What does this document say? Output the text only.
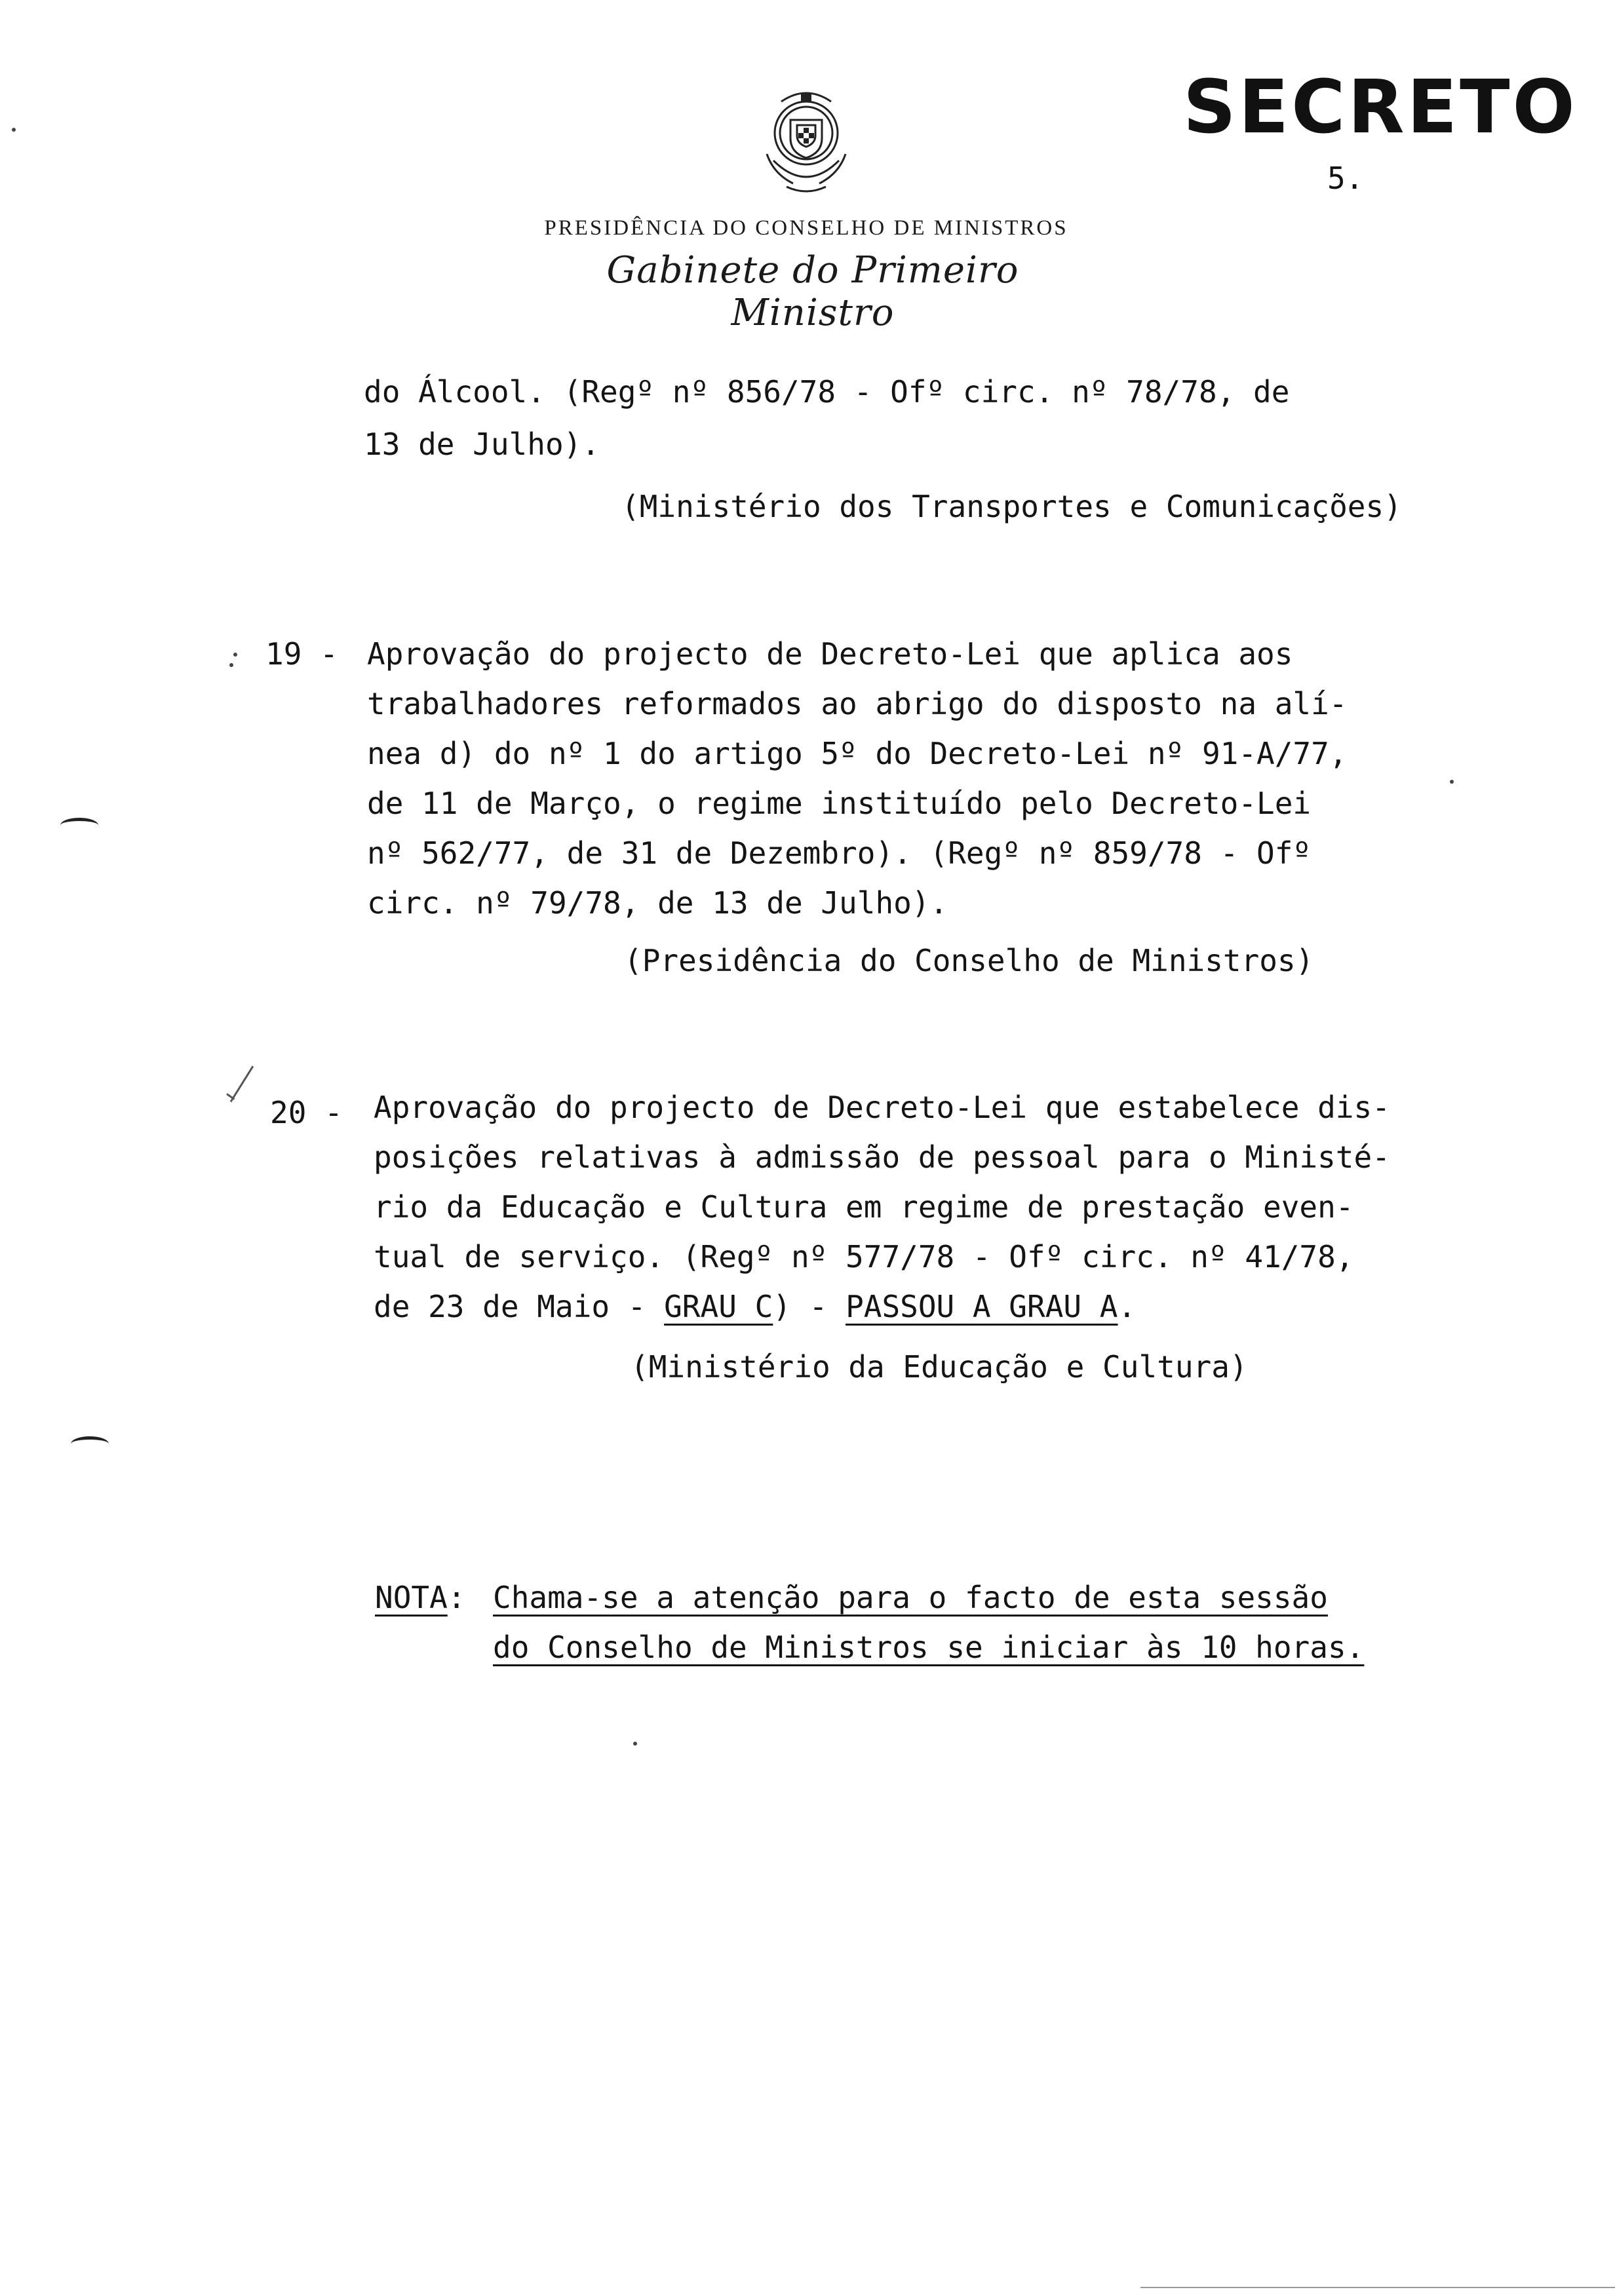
SECRETO
5.
PRESIDÊNCIA DO CONSELHO DE MINISTROS
Gabinete do Primeiro Ministro
do Álcool. (Regº nº 856/78 - Ofº circ. nº 78/78, de
13 de Julho).
(Ministério dos Transportes e Comunicações)
19 - Aprovação do projecto de Decreto-Lei que aplica aos
trabalhadores reformados ao abrigo do disposto na alí-
nea d) do nº 1 do artigo 5º do Decreto-Lei nº 91-A/77,
de 11 de Março, o regime instituído pelo Decreto-Lei
nº 562/77, de 31 de Dezembro). (Regº nº 859/78 - Ofº
circ. nº 79/78, de 13 de Julho).
(Presidência do Conselho de Ministros)
20 - Aprovação do projecto de Decreto-Lei que estabelece dis-
posições relativas à admissão de pessoal para o Ministé-
rio da Educação e Cultura em regime de prestação even-
tual de serviço. (Regº nº 577/78 - Ofº circ. nº 41/78,
de 23 de Maio - GRAU C) - PASSOU A GRAU A.
(Ministério da Educação e Cultura)
NOTA: Chama-se a atenção para o facto de esta sessão
do Conselho de Ministros se iniciar às 10 horas.
